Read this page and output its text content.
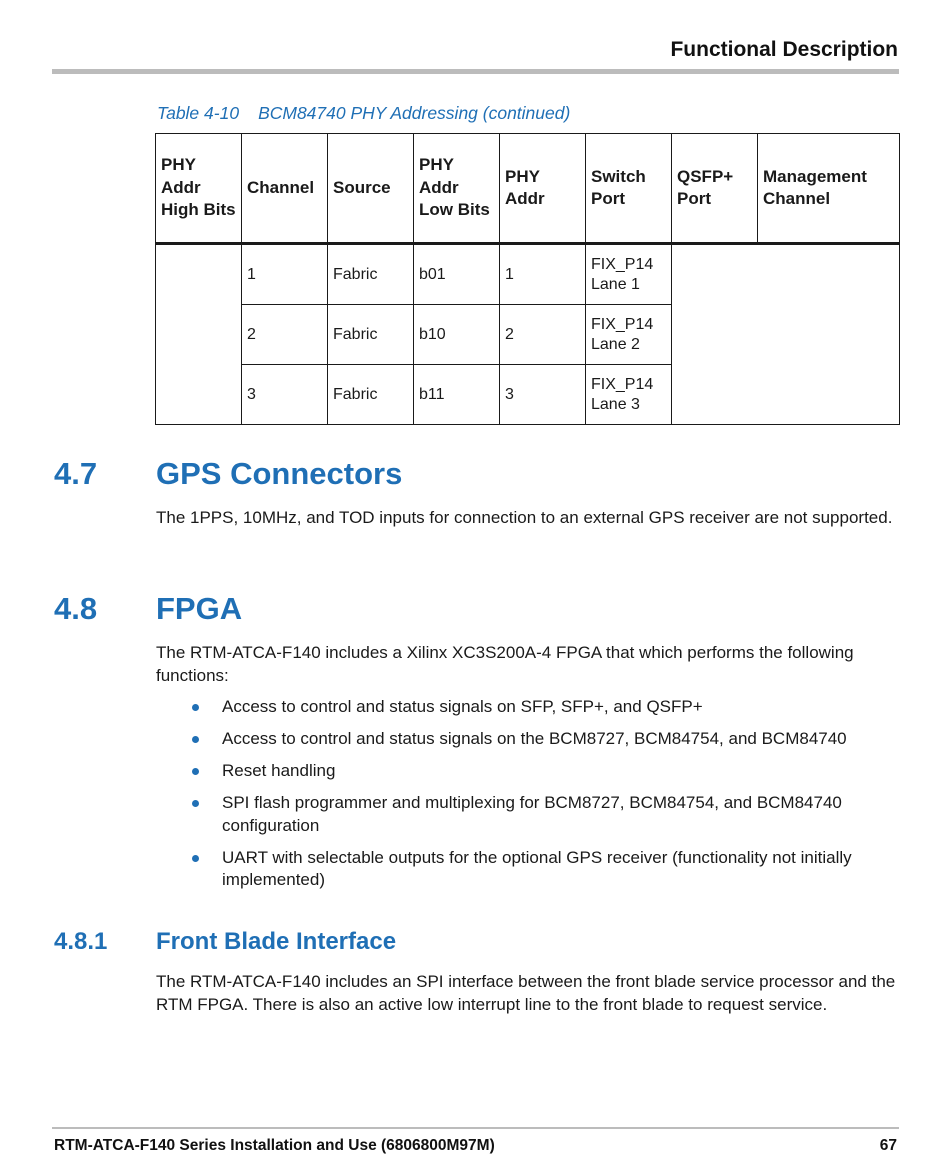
Functional Description
Table 4-10 BCM84740 PHY Addressing (continued)
PHY Addr High Bits	Channel	Source	PHY Addr Low Bits	PHY Addr	Switch Port	QSFP+ Port	Management Channel
	1	Fabric	b01	1	FIX_P14 Lane 1		
	2	Fabric	b10	2	FIX_P14 Lane 2		
	3	Fabric	b11	3	FIX_P14 Lane 3		
4.7 GPS Connectors

The 1PPS, 10MHz, and TOD inputs for connection to an external GPS receiver are not supported.

4.8 FPGA

The RTM-ATCA-F140 includes a Xilinx XC3S200A-4 FPGA that which performs the following functions:

Access to control and status signals on SFP, SFP+, and QSFP+
Access to control and status signals on the BCM8727, BCM84754, and BCM84740
Reset handling
SPI flash programmer and multiplexing for BCM8727, BCM84754, and BCM84740 configuration
UART with selectable outputs for the optional GPS receiver (functionality not initially implemented)
4.8.1 Front Blade Interface

The RTM-ATCA-F140 includes an SPI interface between the front blade service processor and the RTM FPGA. There is also an active low interrupt line to the front blade to request service.

RTM-ATCA-F140 Series Installation and Use (6806800M97M)	67
